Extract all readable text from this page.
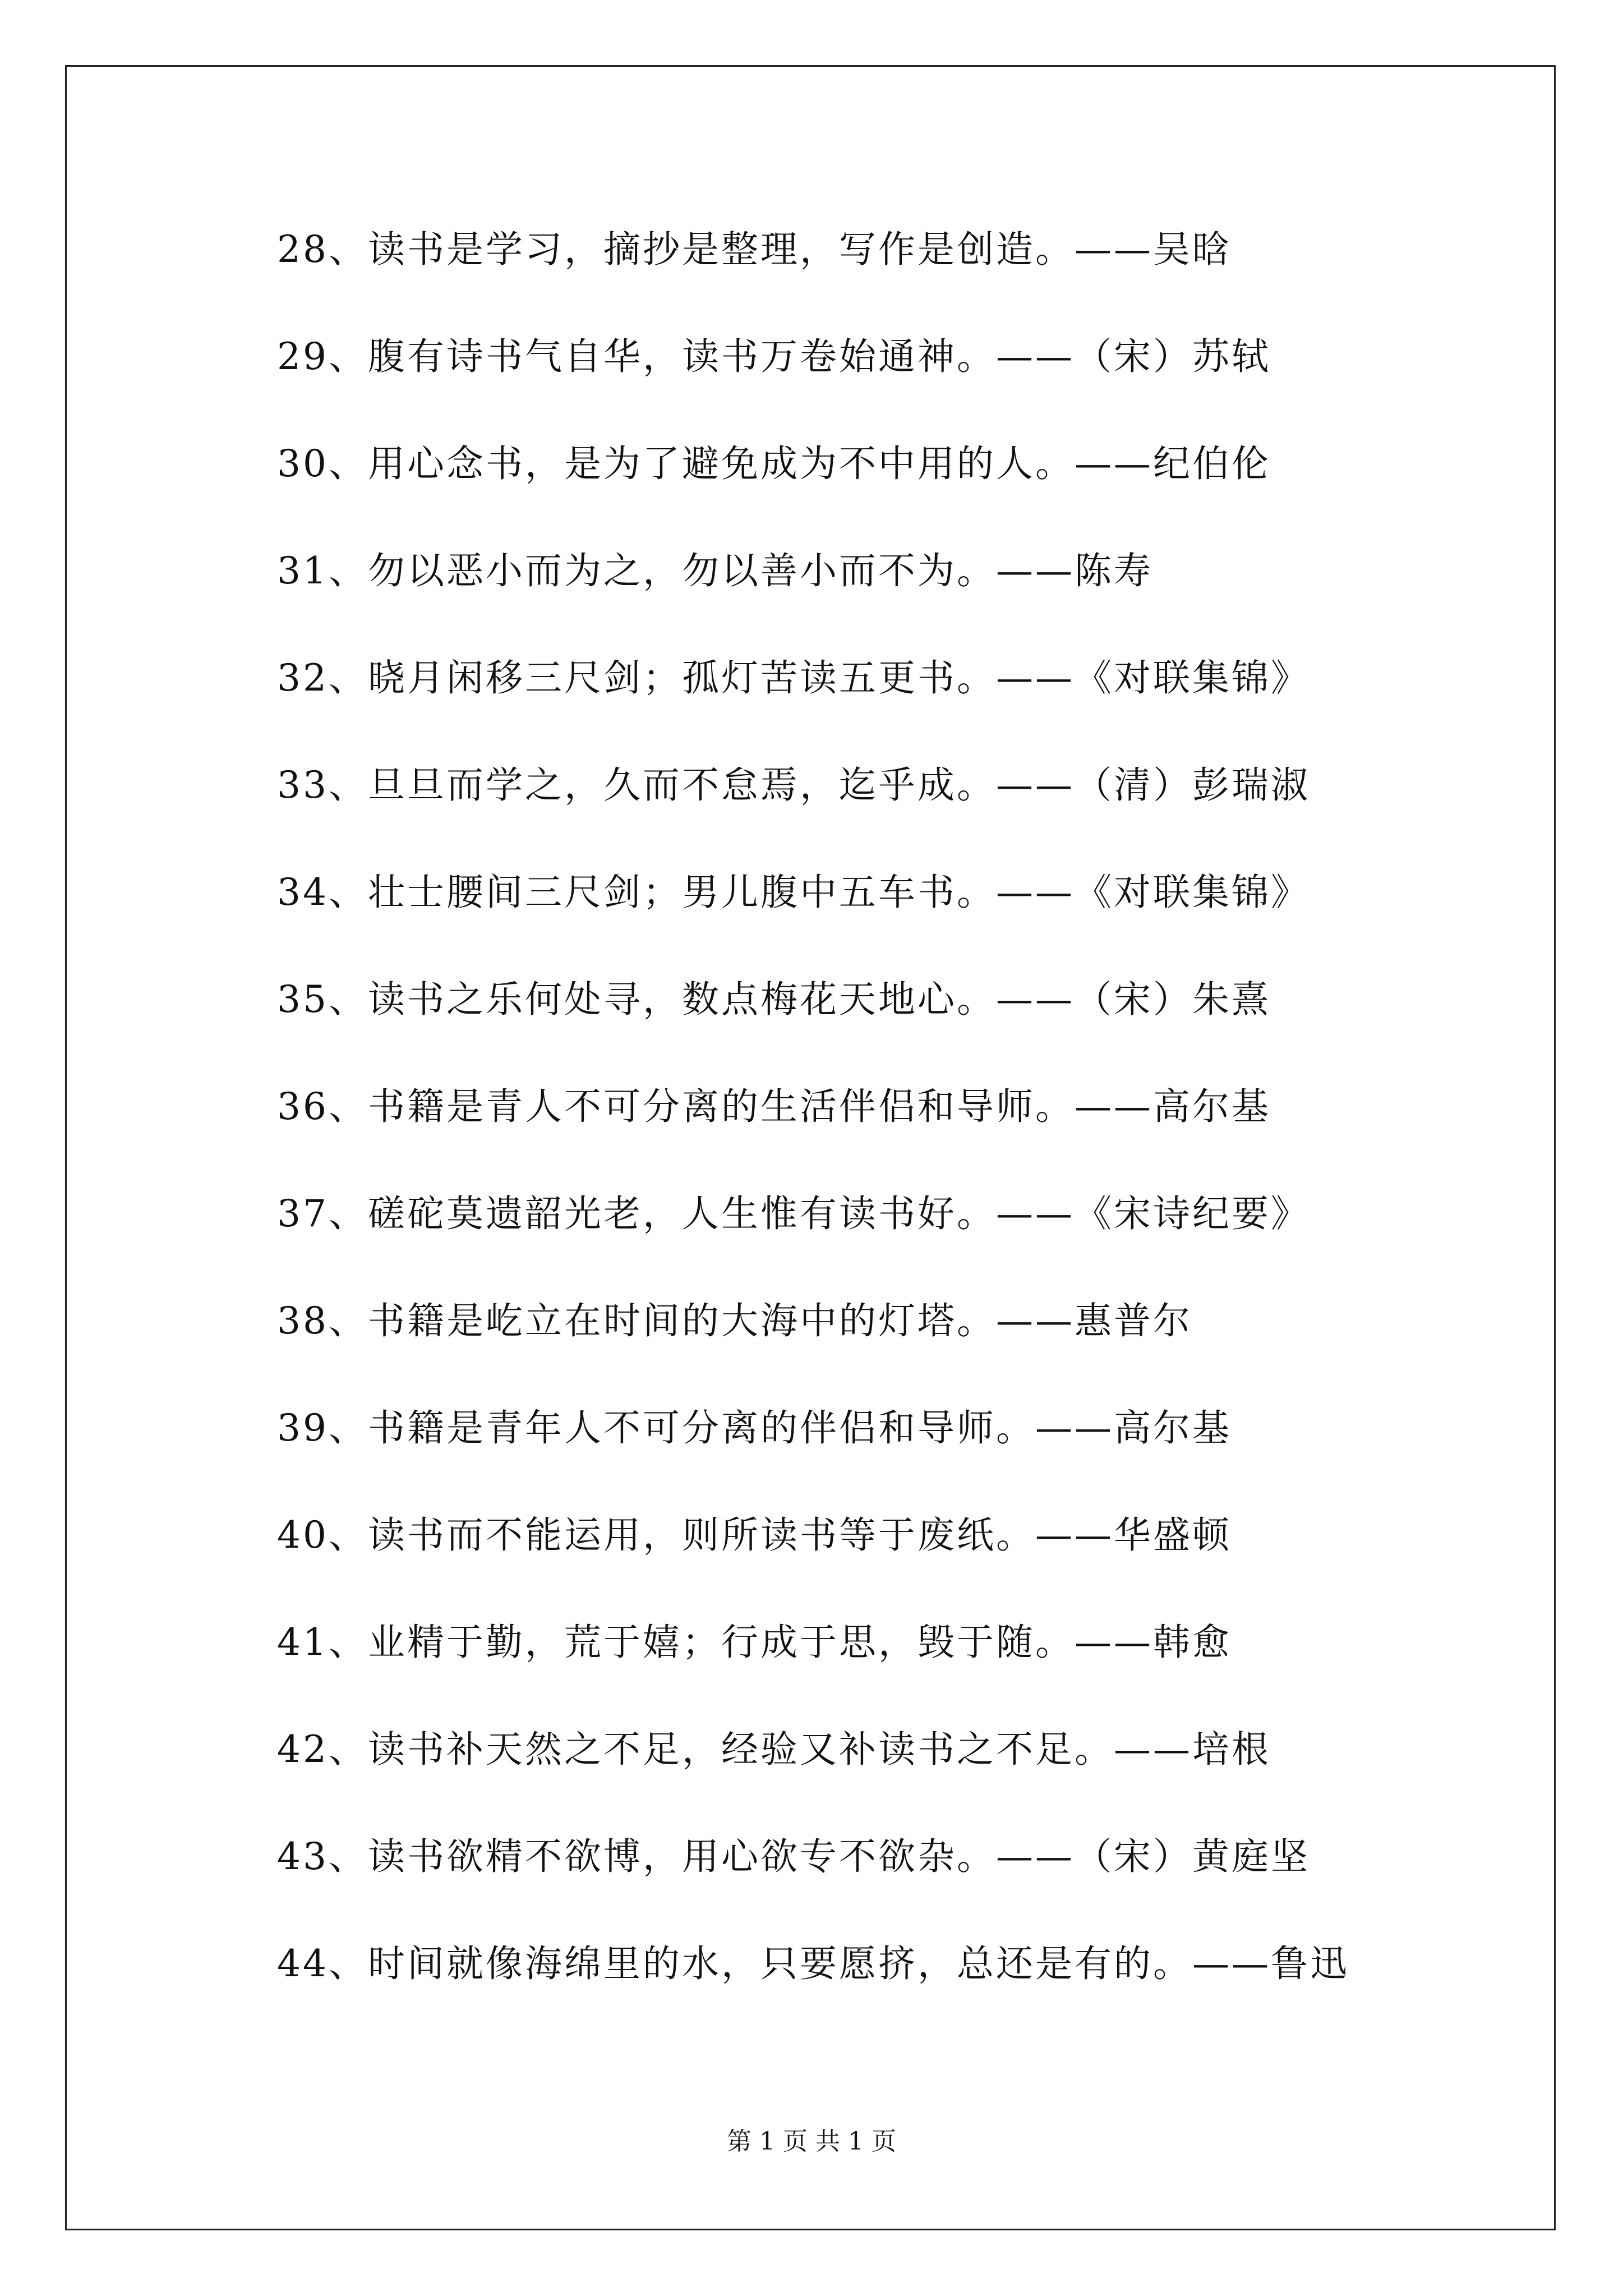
28、读书是学习，摘抄是整理，写作是创造。——吴晗
29、腹有诗书气自华，读书万卷始通神。——（宋）苏轼
30、用心念书，是为了避免成为不中用的人。——纪伯伦
31、勿以恶小而为之，勿以善小而不为。——陈寿
32、晓月闲移三尺剑；孤灯苦读五更书。——《对联集锦》
33、旦旦而学之，久而不怠焉，迄乎成。——（清）彭瑞淑
34、壮士腰间三尺剑；男儿腹中五车书。——《对联集锦》
35、读书之乐何处寻，数点梅花天地心。——（宋）朱熹
36、书籍是青人不可分离的生活伴侣和导师。——高尔基
37、磋砣莫遗韶光老，人生惟有读书好。——《宋诗纪要》
38、书籍是屹立在时间的大海中的灯塔。——惠普尔
39、书籍是青年人不可分离的伴侣和导师。——高尔基
40、读书而不能运用，则所读书等于废纸。——华盛顿
41、业精于勤，荒于嬉；行成于思，毁于随。——韩愈
42、读书补天然之不足，经验又补读书之不足。——培根
43、读书欲精不欲博，用心欲专不欲杂。——（宋）黄庭坚
44、时间就像海绵里的水，只要愿挤，总还是有的。——鲁迅
第 1 页 共 1 页
